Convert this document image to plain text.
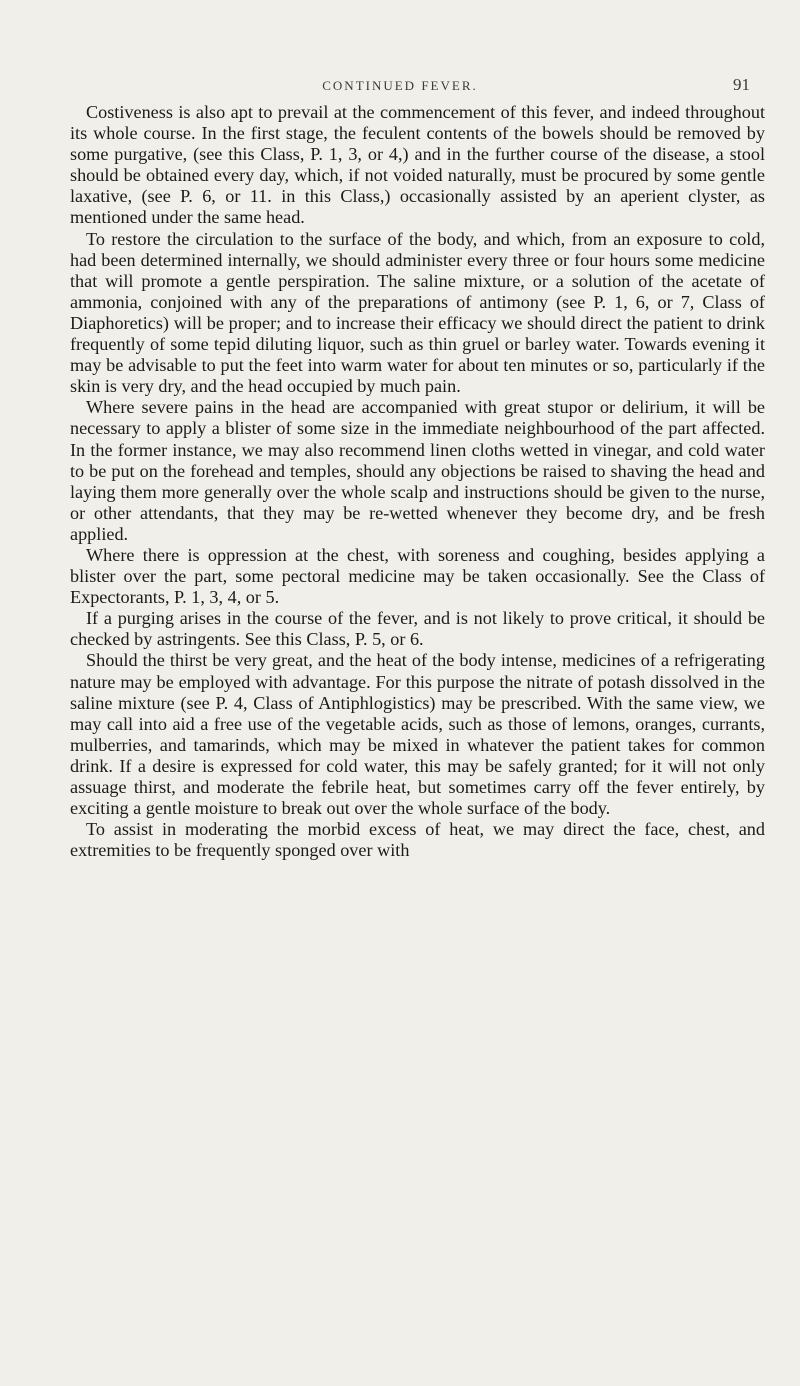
CONTINUED FEVER.	91

Costiveness is also apt to prevail at the commencement of this fever, and indeed throughout its whole course. In the first stage, the feculent contents of the bowels should be removed by some purgative, (see this Class, P. 1, 3, or 4,) and in the further course of the disease, a stool should be obtained every day, which, if not voided naturally, must be procured by some gentle laxative, (see P. 6, or 11. in this Class,) occasionally assisted by an aperient clyster, as mentioned under the same head.

To restore the circulation to the surface of the body, and which, from an exposure to cold, had been determined internally, we should administer every three or four hours some medicine that will promote a gentle perspiration. The saline mixture, or a solution of the acetate of ammonia, conjoined with any of the preparations of antimony (see P. 1, 6, or 7, Class of Diaphoretics) will be proper; and to increase their efficacy we should direct the patient to drink frequently of some tepid diluting liquor, such as thin gruel or barley water. Towards evening it may be advisable to put the feet into warm water for about ten minutes or so, particularly if the skin is very dry, and the head occupied by much pain.

Where severe pains in the head are accompanied with great stupor or delirium, it will be necessary to apply a blister of some size in the immediate neighbourhood of the part affected. In the former instance, we may also recommend linen cloths wetted in vinegar, and cold water to be put on the forehead and temples, should any objections be raised to shaving the head and laying them more generally over the whole scalp and instructions should be given to the nurse, or other attendants, that they may be re-wetted whenever they become dry, and be fresh applied.

Where there is oppression at the chest, with soreness and coughing, besides applying a blister over the part, some pectoral medicine may be taken occasionally. See the Class of Expectorants, P. 1, 3, 4, or 5.

If a purging arises in the course of the fever, and is not likely to prove critical, it should be checked by astringents. See this Class, P. 5, or 6.

Should the thirst be very great, and the heat of the body intense, medicines of a refrigerating nature may be employed with advantage. For this purpose the nitrate of potash dissolved in the saline mixture (see P. 4, Class of Antiphlogistics) may be prescribed. With the same view, we may call into aid a free use of the vegetable acids, such as those of lemons, oranges, currants, mulberries, and tamarinds, which may be mixed in whatever the patient takes for common drink. If a desire is expressed for cold water, this may be safely granted; for it will not only assuage thirst, and moderate the febrile heat, but sometimes carry off the fever entirely, by exciting a gentle moisture to break out over the whole surface of the body.

To assist in moderating the morbid excess of heat, we may direct the face, chest, and extremities to be frequently sponged over with
